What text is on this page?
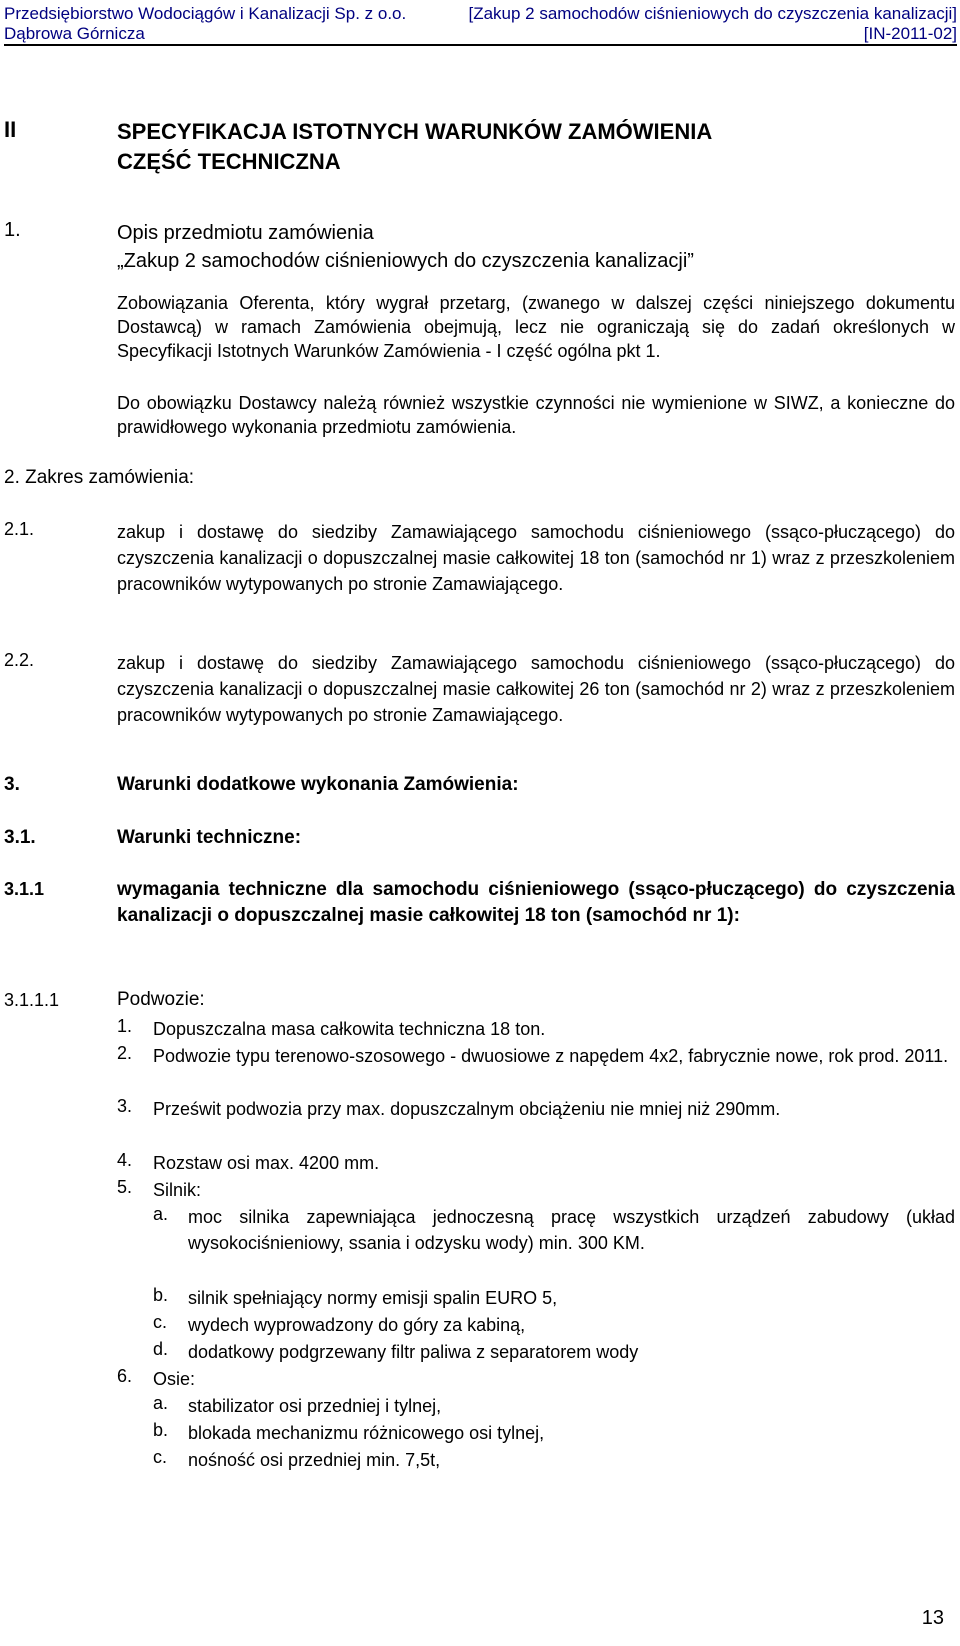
Przedsiębiorstwo Wodociągów i Kanalizacji Sp. z o.o.
Dąbrowa Górnicza
[Zakup 2 samochodów ciśnieniowych do czyszczenia kanalizacji]
[IN-2011-02]
II	SPECYFIKACJA ISTOTNYCH WARUNKÓW ZAMÓWIENIA
CZĘŚĆ TECHNICZNA
1.	Opis przedmiotu zamówienia
„Zakup 2 samochodów ciśnieniowych do czyszczenia kanalizacji”
Zobowiązania Oferenta, który wygrał przetarg, (zwanego w dalszej części niniejszego dokumentu Dostawcą) w ramach Zamówienia obejmują, lecz nie ograniczają się do zadań określonych w Specyfikacji Istotnych Warunków Zamówienia - I część ogólna pkt 1.
Do obowiązku Dostawcy należą również wszystkie czynności nie wymienione w SIWZ, a konieczne do prawidłowego wykonania przedmiotu zamówienia.
2. Zakres zamówienia:
2.1.	zakup i dostawę do siedziby Zamawiającego samochodu ciśnieniowego (ssąco-płuczącego) do czyszczenia kanalizacji o dopuszczalnej masie całkowitej 18 ton (samochód nr 1) wraz z przeszkoleniem pracowników wytypowanych po stronie Zamawiającego.
2.2.	zakup i dostawę do siedziby Zamawiającego samochodu ciśnieniowego (ssąco-płuczącego) do czyszczenia kanalizacji o dopuszczalnej masie całkowitej 26 ton (samochód nr 2) wraz z przeszkoleniem pracowników wytypowanych po stronie Zamawiającego.
3.	Warunki dodatkowe wykonania Zamówienia:
3.1.	Warunki techniczne:
3.1.1	wymagania techniczne dla samochodu ciśnieniowego (ssąco-płuczącego) do czyszczenia kanalizacji o dopuszczalnej masie całkowitej 18 ton (samochód nr 1):
3.1.1.1	Podwozie:
1. Dopuszczalna masa całkowita techniczna 18 ton.
2. Podwozie typu terenowo-szosowego - dwuosiowe z napędem 4x2, fabrycznie nowe, rok prod. 2011.
3. Prześwit podwozia przy max. dopuszczalnym obciążeniu nie mniej niż 290mm.
4. Rozstaw osi max. 4200 mm.
5. Silnik:
a. moc silnika zapewniająca jednoczesną pracę wszystkich urządzeń zabudowy (układ wysokociśnieniowy, ssania i odzysku wody) min. 300 KM.
b. silnik spełniający normy emisji spalin EURO 5,
c. wydech wyprowadzony do góry za kabiną,
d. dodatkowy podgrzewany filtr paliwa z separatorem wody
6. Osie:
a. stabilizator osi przedniej i tylnej,
b. blokada mechanizmu różnicowego osi tylnej,
c. nośność osi przedniej min. 7,5t,
13
